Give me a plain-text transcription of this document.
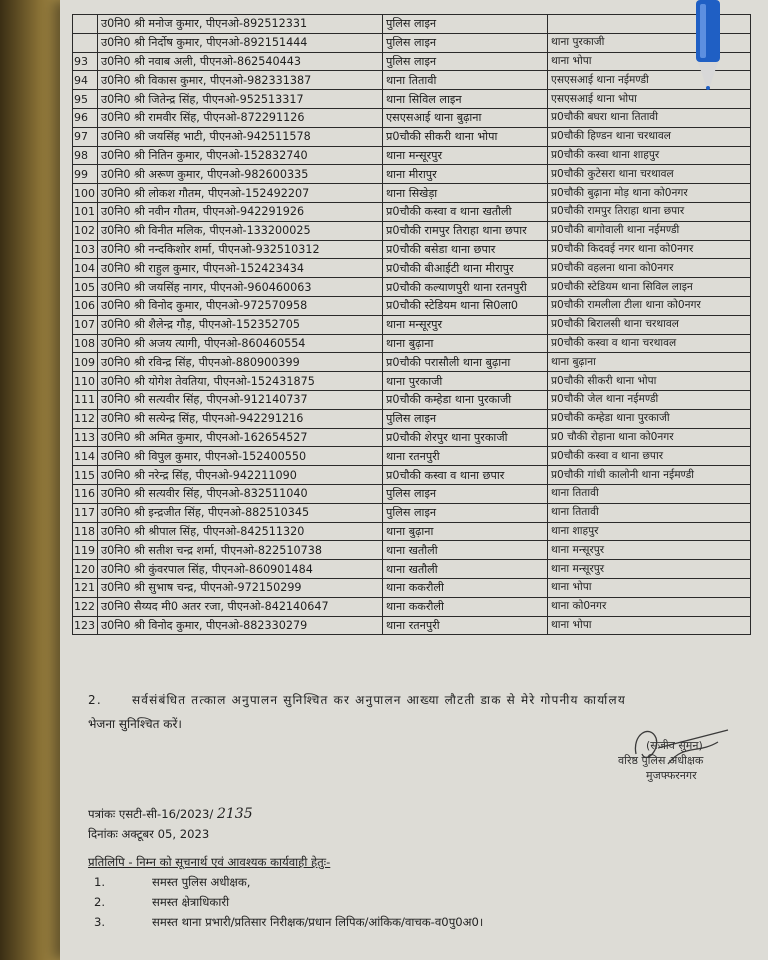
	उ0नि0 श्री मनोज कुमार, पीएनओ-892512331	पुलिस लाइन	
	उ0नि0 श्री निर्दोष कुमार, पीएनओ-892151444	पुलिस लाइन	थाना पुरकाजी
93	उ0नि0 श्री नवाब अली, पीएनओ-862540443	पुलिस लाइन	थाना भोपा
94	उ0नि0 श्री विकास कुमार, पीएनओ-982331387	थाना तितावी	एसएसआई थाना नईमण्डी
95	उ0नि0 श्री जितेन्द्र सिंह, पीएनओ-952513317	थाना सिविल लाइन	एसएसआई थाना भोपा
96	उ0नि0 श्री रामवीर सिंह, पीएनओ-872291126	एसएसआई थाना बुढ़ाना	प्र0चौकी बघरा थाना तितावी
97	उ0नि0 श्री जयसिंह भाटी, पीएनओ-942511578	प्र0चौकी सीकरी थाना भोपा	प्र0चौकी हिण्डन थाना चरथावल
98	उ0नि0 श्री नितिन कुमार, पीएनओ-152832740	थाना मन्सूरपुर	प्र0चौकी कस्वा थाना शाहपुर
99	उ0नि0 श्री अरूण कुमार, पीएनओ-982600335	थाना मीरापुर	प्र0चौकी कुटेसरा थाना चरथावल
100	उ0नि0 श्री लोकश गौतम, पीएनओ-152492207	थाना सिखेड़ा	प्र0चौकी बुढ़ाना मोड़ थाना को0नगर
101	उ0नि0 श्री नवीन गौतम, पीएनओ-942291926	प्र0चौकी कस्वा व थाना खतौली	प्र0चौकी रामपुर तिराहा थाना छपार
102	उ0नि0 श्री विनीत मलिक, पीएनओ-133200025	प्र0चौकी रामपुर तिराहा थाना छपार	प्र0चौकी बागोवाली थाना नईमण्डी
103	उ0नि0 श्री नन्दकिशोर शर्मा, पीएनओ-932510312	प्र0चौकी बसेडा थाना छपार	प्र0चौकी किदवई नगर थाना को0नगर
104	उ0नि0 श्री राहुल कुमार, पीएनओ-152423434	प्र0चौकी बीआईटी थाना मीरापुर	प्र0चौकी वहलना थाना को0नगर
105	उ0नि0 श्री जयसिंह नागर, पीएनओ-960460063	प्र0चौकी कल्याणपुरी थाना रतनपुरी	प्र0चौकी स्टेडियम थाना सिविल लाइन
106	उ0नि0 श्री विनोद कुमार, पीएनओ-972570958	प्र0चौकी स्टेडियम थाना सि0ला0	प्र0चौकी रामलीला टीला थाना को0नगर
107	उ0नि0 श्री शैलेन्द्र गौड़, पीएनओ-152352705	थाना मन्सूरपुर	प्र0चौकी बिरालसी थाना चरथावल
108	उ0नि0 श्री अजय त्यागी, पीएनओ-860460554	थाना बुढ़ाना	प्र0चौकी कस्वा व थाना चरथावल
109	उ0नि0 श्री रविन्द्र सिंह, पीएनओ-880900399	प्र0चौकी परासौली थाना बुढ़ाना	थाना बुढ़ाना
110	उ0नि0 श्री योगेश तेवतिया, पीएनओ-152431875	थाना पुरकाजी	प्र0चौकी सीकरी थाना भोपा
111	उ0नि0 श्री सत्यवीर सिंह, पीएनओ-912140737	प्र0चौकी कम्हेडा थाना पुरकाजी	प्र0चौकी जेल थाना नईमण्डी
112	उ0नि0 श्री सत्येन्द्र सिंह, पीएनओ-942291216	पुलिस लाइन	प्र0चौकी कम्हेडा थाना पुरकाजी
113	उ0नि0 श्री अमित कुमार, पीएनओ-162654527	प्र0चौकी शेरपुर थाना पुरकाजी	प्र0 चौकी रोहाना थाना को0नगर
114	उ0नि0 श्री विपुल कुमार, पीएनओ-152400550	थाना रतनपुरी	प्र0चौकी कस्वा व थाना छपार
115	उ0नि0 श्री नरेन्द्र सिंह, पीएनओ-942211090	प्र0चौकी कस्वा व थाना छपार	प्र0चौकी गांधी कालोनी थाना नईमण्डी
116	उ0नि0 श्री सत्यवीर सिंह, पीएनओ-832511040	पुलिस लाइन	थाना तितावी
117	उ0नि0 श्री इन्द्रजीत सिंह, पीएनओ-882510345	पुलिस लाइन	थाना तितावी
118	उ0नि0 श्री श्रीपाल सिंह, पीएनओ-842511320	थाना बुढ़ाना	थाना शाहपुर
119	उ0नि0 श्री सतीश चन्द्र शर्मा, पीएनओ-822510738	थाना खतौली	थाना मन्सूरपुर
120	उ0नि0 श्री कुंवरपाल सिंह, पीएनओ-860901484	थाना खतौली	थाना मन्सूरपुर
121	उ0नि0 श्री सुभाष चन्द्र, पीएनओ-972150299	थाना ककरौली	थाना भोपा
122	उ0नि0 सैय्यद मी0 अतर रजा, पीएनओ-842140647	थाना ककरौली	थाना को0नगर
123	उ0नि0 श्री विनोद कुमार, पीएनओ-882330279	थाना रतनपुरी	थाना भोपा
2.	सर्वसंबंधित तत्काल अनुपालन सुनिश्चित कर अनुपालन आख्या लौटती डाक से मेरे गोपनीय कार्यालय
भेजना सुनिश्चित करें।
(संजीव सुमन)
वरिष्ठ पुलिस अधीक्षक
मुजफ्फरनगर
पत्रांकः एसटी-सी-16/2023/ 2135
दिनांकः अक्टूबर 05, 2023
प्रतिलिपि - निम्न को सूचनार्थ एवं आवश्यक कार्यवाही हेतुः-
1.	समस्त पुलिस अधीक्षक,
2.	समस्त क्षेत्राधिकारी
3.	समस्त थाना प्रभारी/प्रतिसार निरीक्षक/प्रधान लिपिक/आंकिक/वाचक-व0पु0अ0।
